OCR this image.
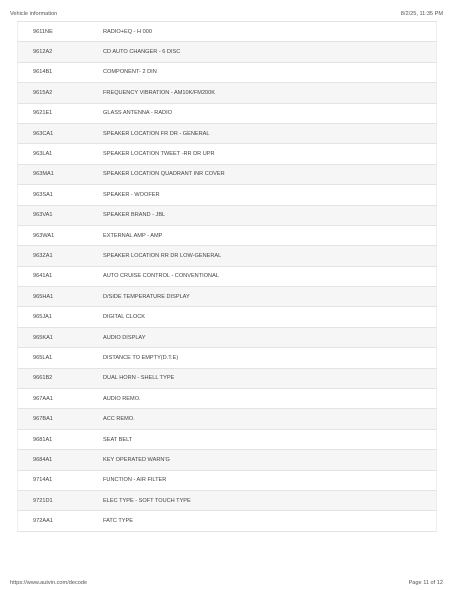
Vehicle information	8/2/25, 11:35 PM
9611NE	RADIO+EQ - H 000
9612A2	CD AUTO CHANGER - 6 DISC
9614B1	COMPONENT- 2 DIN
9615A2	FREQUENCY VIBRATION - AM10K/FM200K
9621E1	GLASS ANTENNA - RADIO
963CA1	SPEAKER LOCATION FR DR - GENERAL
963LA1	SPEAKER LOCATION TWEET -RR DR UPR
963MA1	SPEAKER LOCATION QUADRANT INR COVER
963SA1	SPEAKER - WOOFER
963VA1	SPEAKER BRAND - JBL
963WA1	EXTERNAL AMP - AMP
963ZA1	SPEAKER LOCATION RR DR LOW-GENERAL
9641A1	AUTO CRUISE CONTROL - CONVENTIONAL
965HA1	D/SIDE TEMPERATURE DISPLAY
965JA1	DIGITAL CLOCK
965KA1	AUDIO DISPLAY
965LA1	DISTANCE TO EMPTY(D.T.E)
9661B2	DUAL HORN - SHELL TYPE
967AA1	AUDIO REMO.
967BA1	ACC REMO.
9681A1	SEAT BELT
9684A1	KEY OPERATED WARN'G
9714A1	FUNCTION - AIR FILTER
9721D1	ELEC TYPE - SOFT TOUCH TYPE
972AA1	FATC TYPE
https://www.autvin.com/decode	Page 11 of 12
